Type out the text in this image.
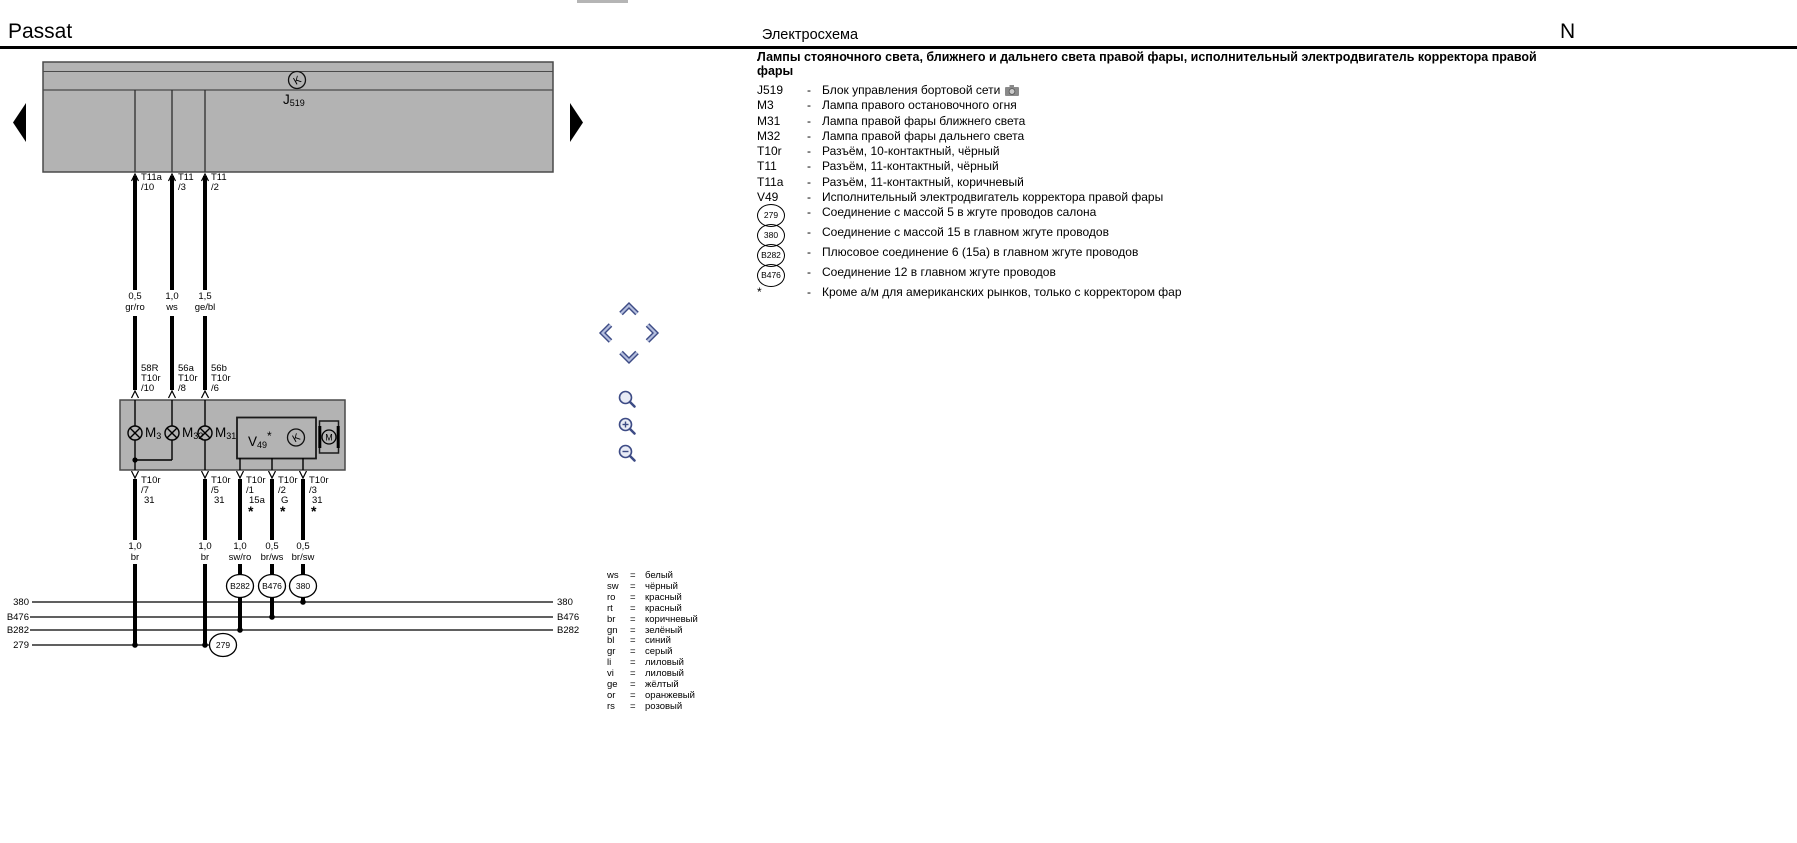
Passat	Электросхема	N
K
K	M
B282 B476 380
279
$J_{519}$
T11a
/10
T11
/3
T11
/2
0,5
gr/ro
1,0
ws
1,5
ge/bl
58R
T10r
/10
56a
T10r
/8
56b
T10r
/6
$M_3$ $M_{32}$ $M_{31}$ $V_{49}*$
T10r
/7
31
T10r
/5
31
T10r
/1
15a
*
T10r
/2
G
*
T10r
/3
31
*
1,0
br
1,0
br
1,0
sw/ro
0,5
br/ws
0,5
br/sw
380
B476
B282
279
380
B476
B282
ws	= белый
sw	= чёрный
ro	= красный
rt	= красный
br	= коричневый
gn	= зелёный
bl	= синий
gr	= серый
li	= лиловый
vi	= лиловый
ge	= жёлтый
or	= оранжевый
rs	= розовый
Лампы стояночного света, ближнего и дальнего света правой фары, исполнительный электродвигатель корректора правой фары
J519	- Блок управления бортовой сети
M3	- Лампа правого остановочного огня
M31	- Лампа правой фары ближнего света
M32	- Лампа правой фары дальнего света
T10r	- Разъём, 10-контактный, чёрный
T11	- Разъём, 11-контактный, чёрный
T11a	- Разъём, 11-контактный, коричневый
V49	- Исполнительный электродвигатель корректора правой фары
279	- Соединение с массой 5 в жгуте проводов салона
380	- Соединение с массой 15 в главном жгуте проводов
B282	- Плюсовое соединение 6 (15a) в главном жгуте проводов
B476	- Соединение 12 в главном жгуте проводов
*	- Кроме а/м для американских рынков, только с корректором фар
